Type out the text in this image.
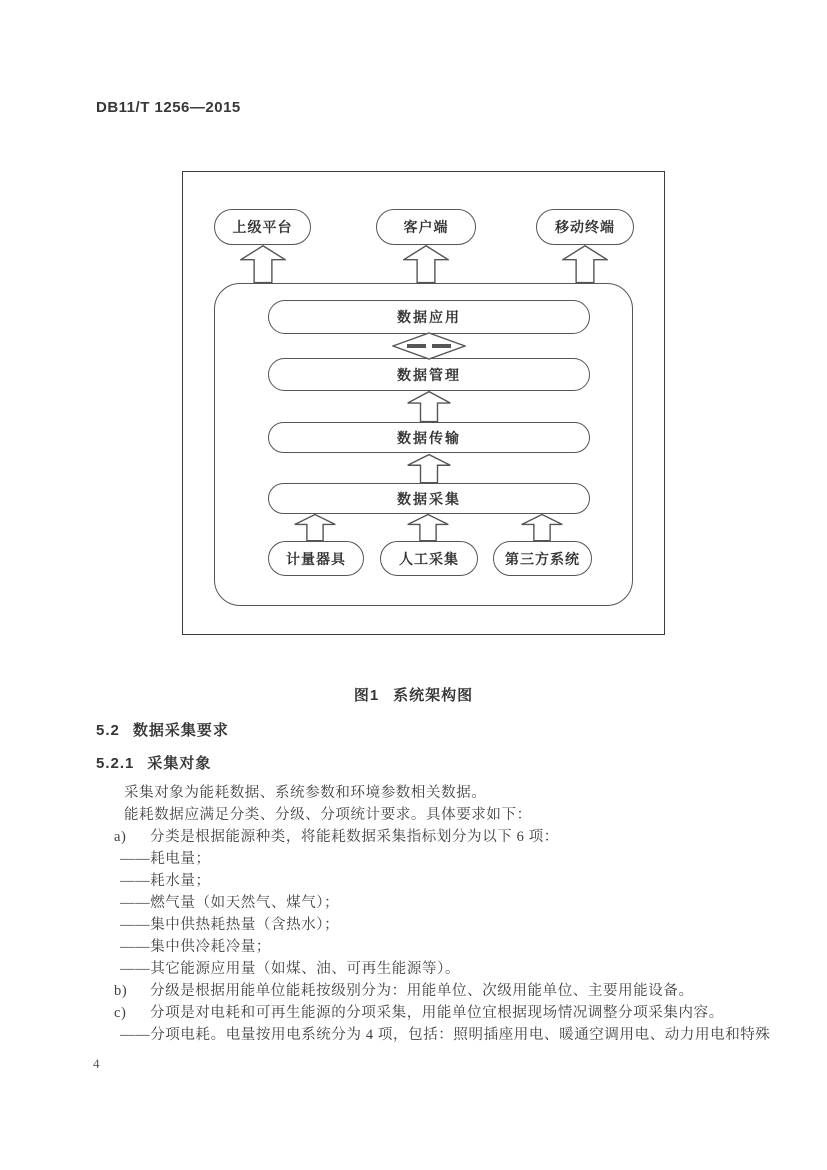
DB11/T 1256—2015
上级平台	客户端	移动终端
数据应用
数据管理
数据传输
数据采集
计量器具	人工采集	第三方系统
图1 系统架构图
5.2 数据采集要求
5.2.1 采集对象
采集对象为能耗数据、系统参数和环境参数相关数据。
能耗数据应满足分类、分级、分项统计要求。具体要求如下：
a) 分类是根据能源种类，将能耗数据采集指标划分为以下 6 项：
——耗电量；
——耗水量；
——燃气量（如天然气、煤气）；
——集中供热耗热量（含热水）；
——集中供冷耗冷量；
——其它能源应用量（如煤、油、可再生能源等）。
b) 分级是根据用能单位能耗按级别分为：用能单位、次级用能单位、主要用能设备。
c) 分项是对电耗和可再生能源的分项采集，用能单位宜根据现场情况调整分项采集内容。
——分项电耗。电量按用电系统分为 4 项，包括：照明插座用电、暖通空调用电、动力用电和特殊
4
